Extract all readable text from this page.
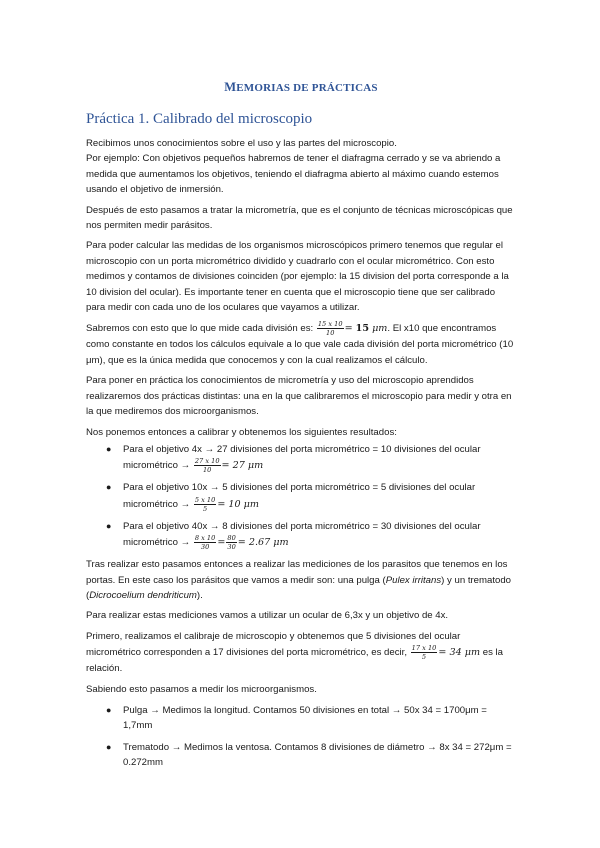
MEMORIAS DE PRÁCTICAS
Práctica 1. Calibrado del microscopio

Recibimos unos conocimientos sobre el uso y las partes del microscopio.

Por ejemplo: Con objetivos pequeños habremos de tener el diafragma cerrado y se va abriendo a medida que aumentamos los objetivos, teniendo el diafragma abierto al máximo cuando estemos usando el objetivo de inmersión.

Después de esto pasamos a tratar la micrometría, que es el conjunto de técnicas microscópicas que nos permiten medir parásitos.

Para poder calcular las medidas de los organismos microscópicos primero tenemos que regular el microscopio con un porta micrométrico dividido y cuadrarlo con el ocular micrométrico. Con esto medimos y contamos de divisiones coinciden (por ejemplo: la 15 division del porta corresponde a la 10 division del ocular). Es importante tener en cuenta que el microscopio tiene que ser calibrado para medir con cada uno de los oculares que vayamos a utilizar.

Sabremos con esto que lo que mide cada división es: $\frac{15 x 10}{10} = 15$ μm. El x10 que encontramos como constante en todos los cálculos equivale a lo que vale cada división del porta micrométrico (10 μm), que es la única medida que conocemos y con la cual realizamos el cálculo.

Para poner en práctica los conocimientos de micrometría y uso del microscopio aprendidos realizaremos dos prácticas distintas: una en la que calibraremos el microscopio para medir y otra en la que mediremos dos microorganismos.

Nos ponemos entonces a calibrar y obtenemos los siguientes resultados:

● Para el objetivo 4x → 27 divisiones del porta micrométrico = 10 divisiones del ocular micrométrico → $\frac{27 x 10}{10} = 27$ μm
● Para el objetivo 10x → 5 divisiones del porta micrométrico = 5 divisiones del ocular micrométrico → $\frac{5 x 10}{5} = 10$ μm
● Para el objetivo 40x → 8 divisiones del porta micrométrico = 30 divisiones del ocular micrométrico → $\frac{8 x 10}{30} = \frac{80}{30} = 2.67$ μm

Tras realizar esto pasamos entonces a realizar las mediciones de los parasitos que tenemos en los portas. En este caso los parásitos que vamos a medir son: una pulga (Pulex irritans) y un trematodo (Dicrocoelium dendriticum).

Para realizar estas mediciones vamos a utilizar un ocular de 6,3x y un objetivo de 4x.

Primero, realizamos el calibraje de microscopio y obtenemos que 5 divisiones del ocular micrométrico corresponden a 17 divisiones del porta micrométrico, es decir, $\frac{17 x 10}{5} = 34$ μm es la relación.

Sabiendo esto pasamos a medir los microorganismos.

● Pulga → Medimos la longitud. Contamos 50 divisiones en total → 50x 34 = 1700μm = 1,7mm
● Trematodo → Medimos la ventosa. Contamos 8 divisiones de diámetro → 8x 34 = 272μm = 0.272mm
